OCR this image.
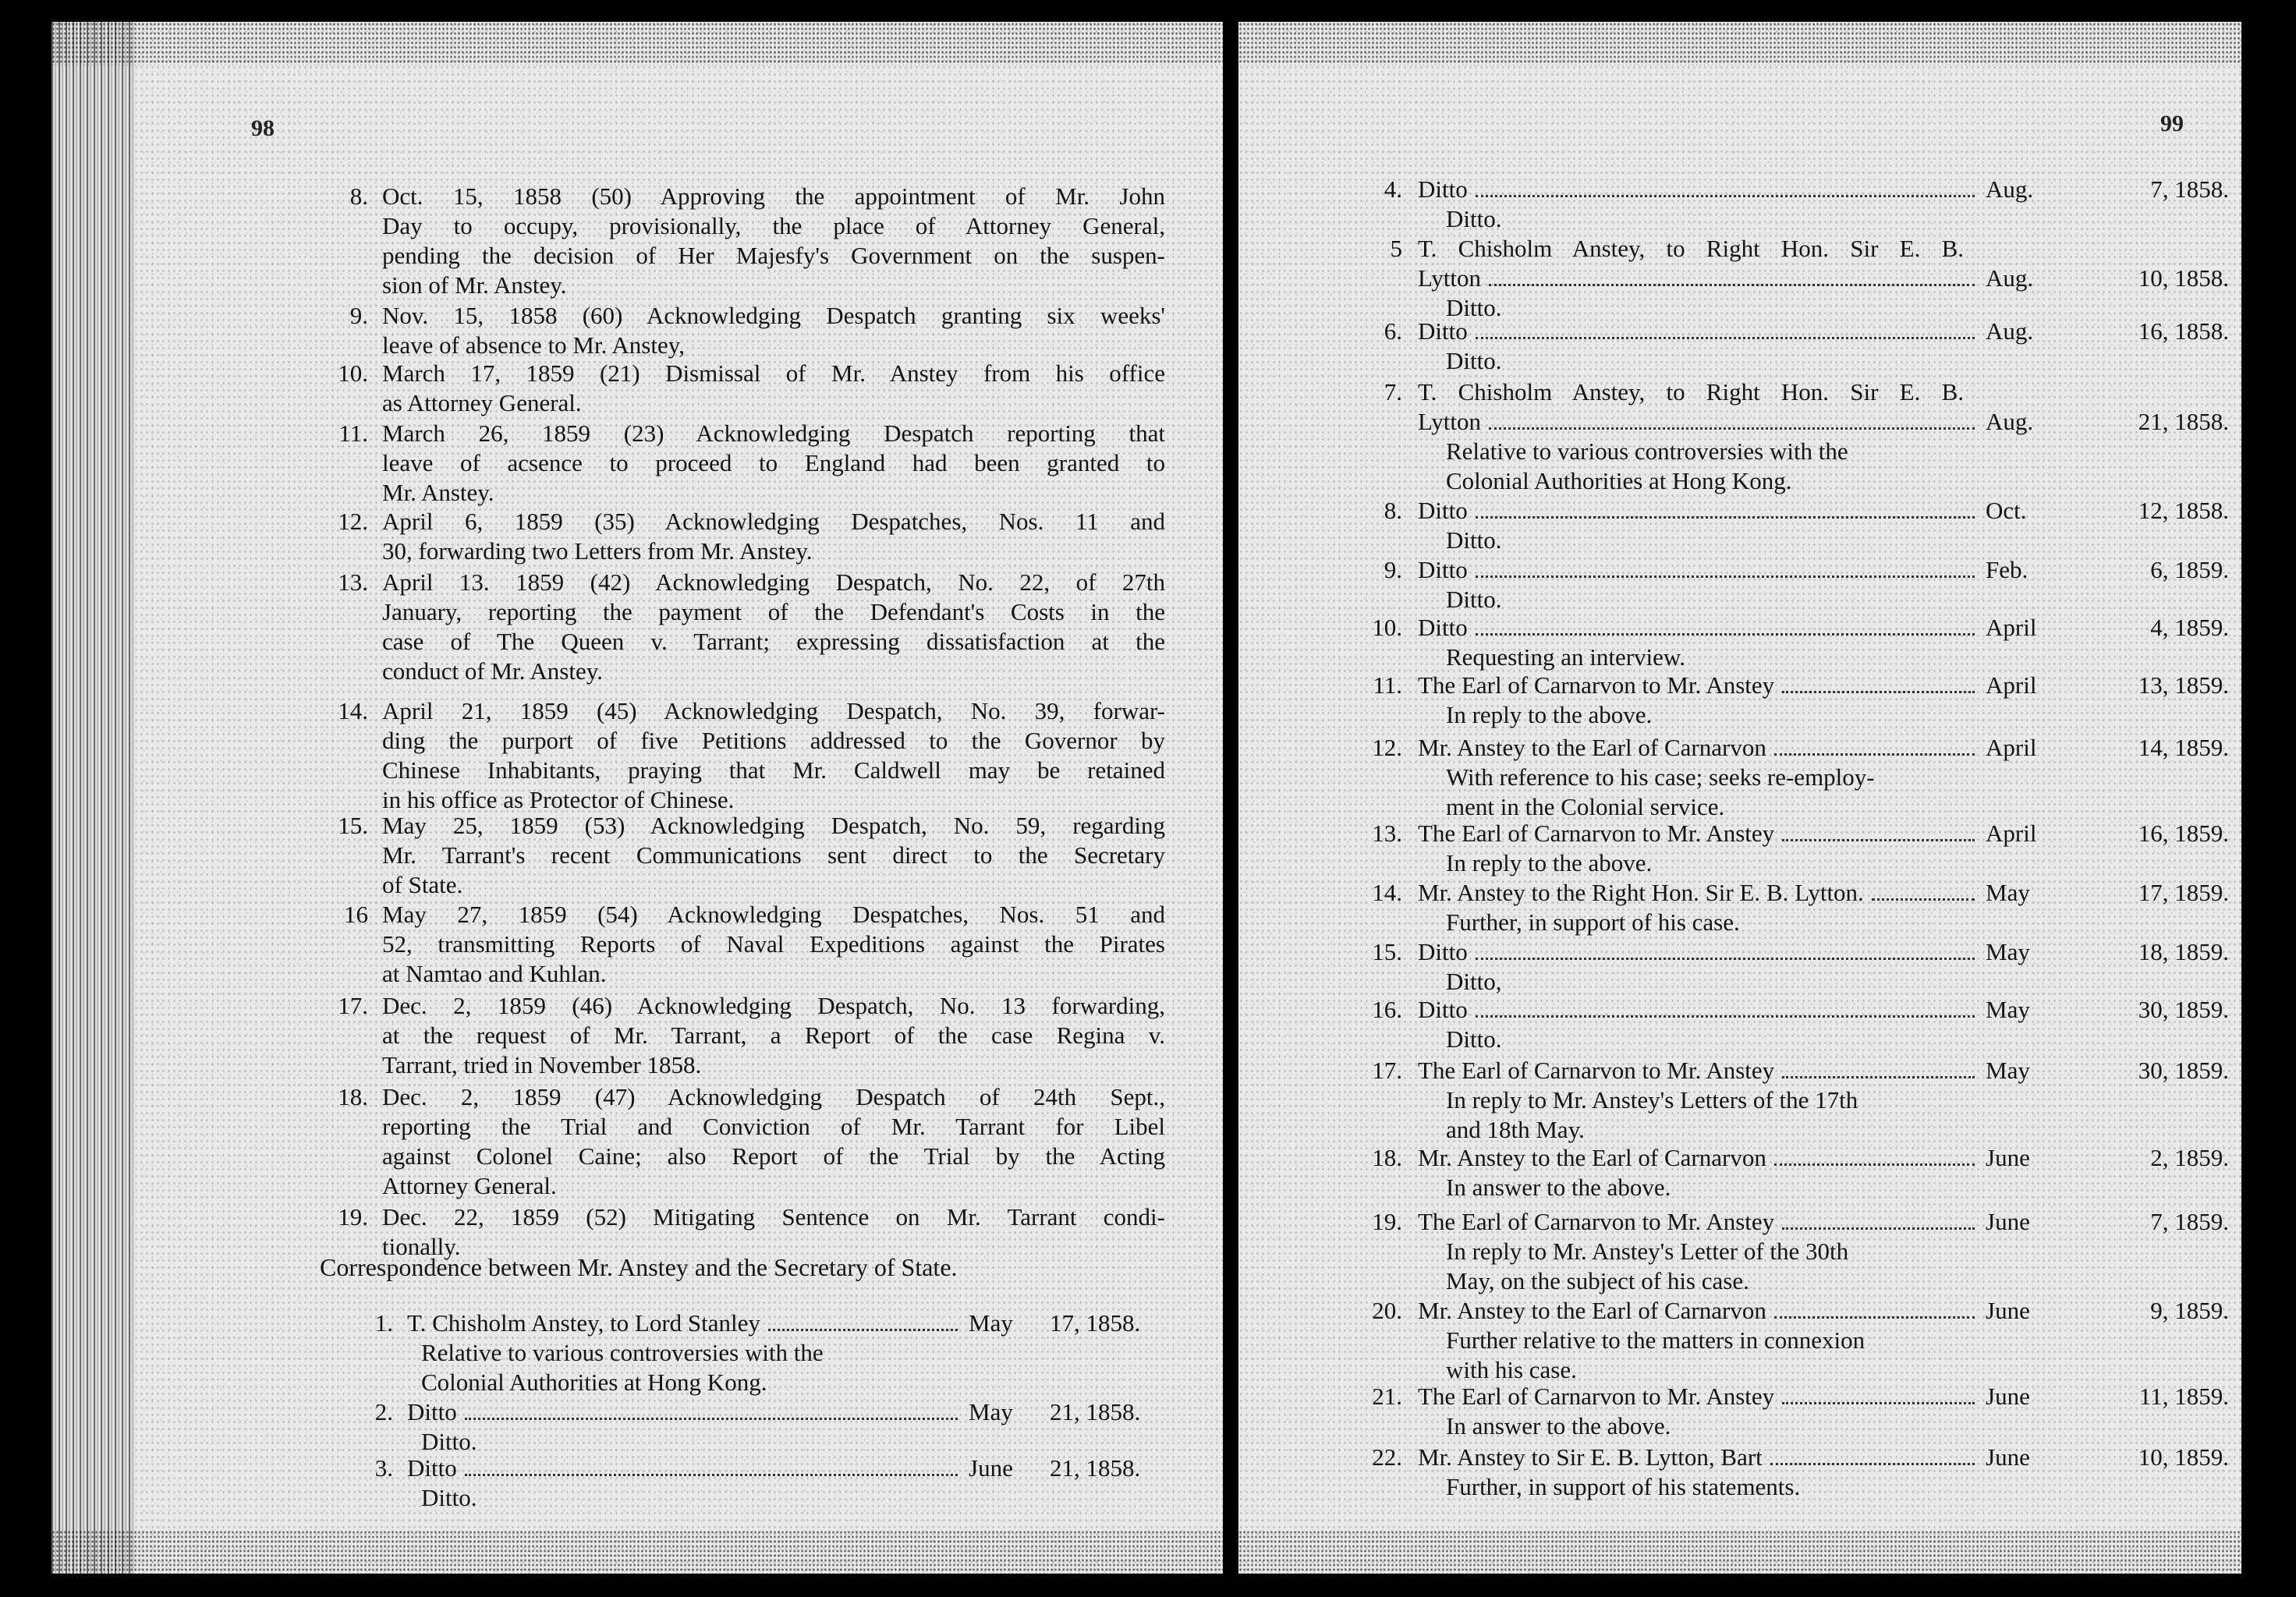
98
8. Oct. 15, 1858 (50) Approving the appointment of Mr. John
Day to occupy, provisionally, the place of Attorney General,
pending the decision of Her Majesfy's Government on the suspen-
sion of Mr. Anstey.
9. Nov. 15, 1858 (60) Acknowledging Despatch granting six weeks'
leave of absence to Mr. Anstey,
10. March 17, 1859 (21) Dismissal of Mr. Anstey from his office
as Attorney General.
11. March 26, 1859 (23) Acknowledging Despatch reporting that
leave of acsence to proceed to England had been granted to
Mr. Anstey.
12. April 6, 1859 (35) Acknowledging Despatches, Nos. 11 and
30, forwarding two Letters from Mr. Anstey.
13. April 13. 1859 (42) Acknowledging Despatch, No. 22, of 27th
January, reporting the payment of the Defendant's Costs in the
case of The Queen v. Tarrant; expressing dissatisfaction at the
conduct of Mr. Anstey.
14. April 21, 1859 (45) Acknowledging Despatch, No. 39, forwar-
ding the purport of five Petitions addressed to the Governor by
Chinese Inhabitants, praying that Mr. Caldwell may be retained
in his office as Protector of Chinese.
15. May 25, 1859 (53) Acknowledging Despatch, No. 59, regarding
Mr. Tarrant's recent Communications sent direct to the Secretary
of State.
16 May 27, 1859 (54) Acknowledging Despatches, Nos. 51 and
52, transmitting Reports of Naval Expeditions against the Pirates
at Namtao and Kuhlan.
17. Dec. 2, 1859 (46) Acknowledging Despatch, No. 13 forwarding,
at the request of Mr. Tarrant, a Report of the case Regina v.
Tarrant, tried in November 1858.
18. Dec. 2, 1859 (47) Acknowledging Despatch of 24th Sept.,
reporting the Trial and Conviction of Mr. Tarrant for Libel
against Colonel Caine; also Report of the Trial by the Acting
Attorney General.
19. Dec. 22, 1859 (52) Mitigating Sentence on Mr. Tarrant condi-
tionally.
Correspondence between Mr. Anstey and the Secretary of State.
1. T. Chisholm Anstey, to Lord Stanley	May 17, 1858.
Relative to various controversies with the
Colonial Authorities at Hong Kong.
2. Ditto	May 21, 1858.
Ditto.
3. Ditto	June 21, 1858.
Ditto.
99
4. Ditto	Aug.	7, 1858.
Ditto.
5 T. Chisholm Anstey, to Right Hon. Sir E. B.
Lytton	Aug.	10, 1858.
Ditto.
6. Ditto	Aug.	16, 1858.
Ditto.
7. T. Chisholm Anstey, to Right Hon. Sir E. B.
Lytton	Aug.	21, 1858.
Relative to various controversies with the
Colonial Authorities at Hong Kong.
8. Ditto	Oct.	12, 1858.
Ditto.
9. Ditto	Feb.	6, 1859.
Ditto.
10. Ditto	April	4, 1859.
Requesting an interview.
11. The Earl of Carnarvon to Mr. Anstey	April	13, 1859.
In reply to the above.
12. Mr. Anstey to the Earl of Carnarvon	April	14, 1859.
With reference to his case; seeks re-employ-
ment in the Colonial service.
13. The Earl of Carnarvon to Mr. Anstey	April	16, 1859.
In reply to the above.
14. Mr. Anstey to the Right Hon. Sir E. B. Lytton.	May	17, 1859.
Further, in support of his case.
15. Ditto	May	18, 1859.
Ditto,
16. Ditto	May	30, 1859.
Ditto.
17. The Earl of Carnarvon to Mr. Anstey	May	30, 1859.
In reply to Mr. Anstey's Letters of the 17th
and 18th May.
18. Mr. Anstey to the Earl of Carnarvon	June	2, 1859.
In answer to the above.
19. The Earl of Carnarvon to Mr. Anstey	June	7, 1859.
In reply to Mr. Anstey's Letter of the 30th
May, on the subject of his case.
20. Mr. Anstey to the Earl of Carnarvon	June	9, 1859.
Further relative to the matters in connexion
with his case.
21. The Earl of Carnarvon to Mr. Anstey	June	11, 1859.
In answer to the above.
22. Mr. Anstey to Sir E. B. Lytton, Bart	June	10, 1859.
Further, in support of his statements.
